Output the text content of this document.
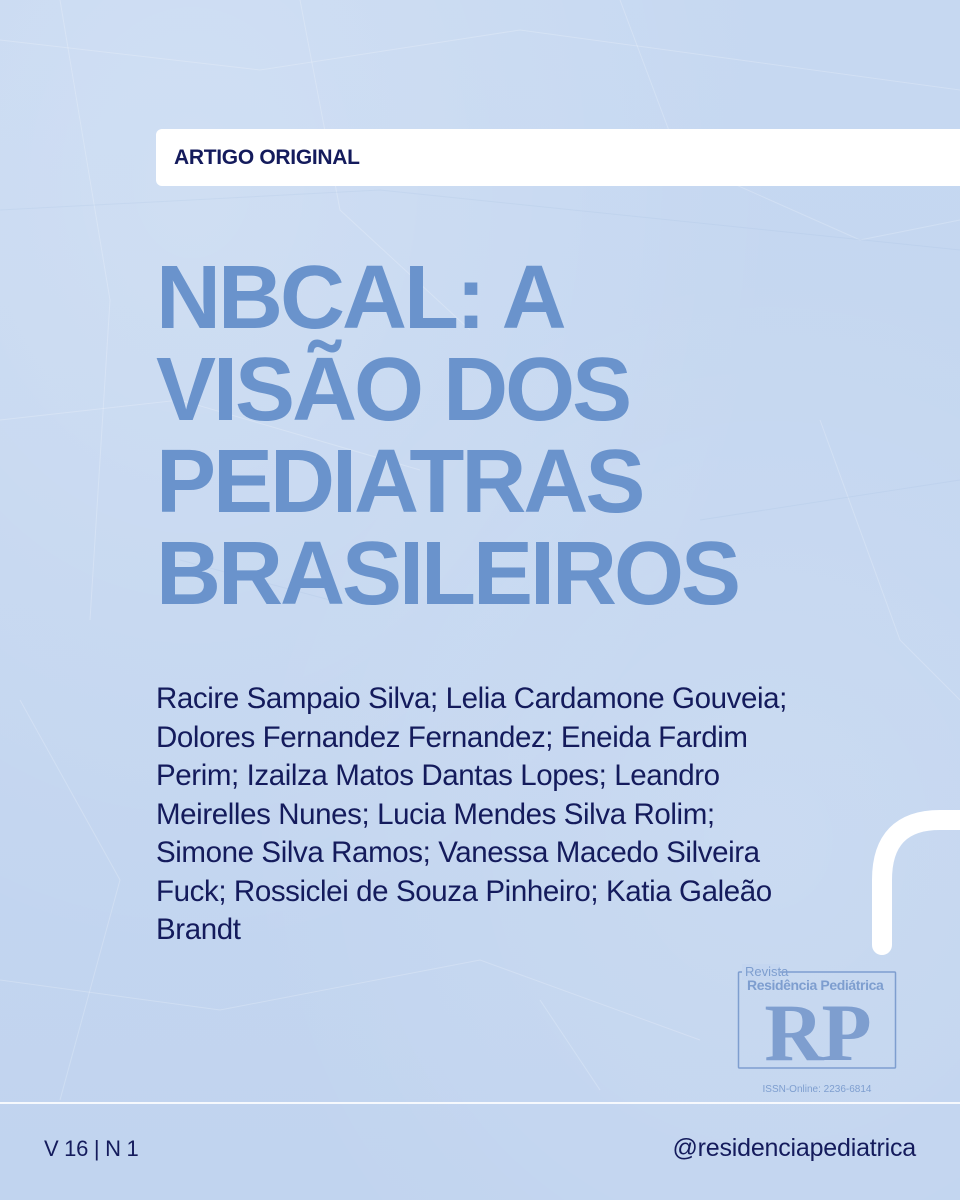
ARTIGO ORIGINAL
NBCAL: A
VISÃO DOS
PEDIATRAS
BRASILEIROS

Racire Sampaio Silva; Lelia Cardamone Gouveia; Dolores Fernandez Fernandez; Eneida Fardim Perim; Izailza Matos Dantas Lopes; Leandro Meirelles Nunes; Lucia Mendes Silva Rolim; Simone Silva Ramos; Vanessa Macedo Silveira Fuck; Rossiclei de Souza Pinheiro; Katia Galeão Brandt

Revista
Residência Pediátrica
RP
ISSN-Online: 2236-6814
V 16 | N 1	@residenciapediatrica
